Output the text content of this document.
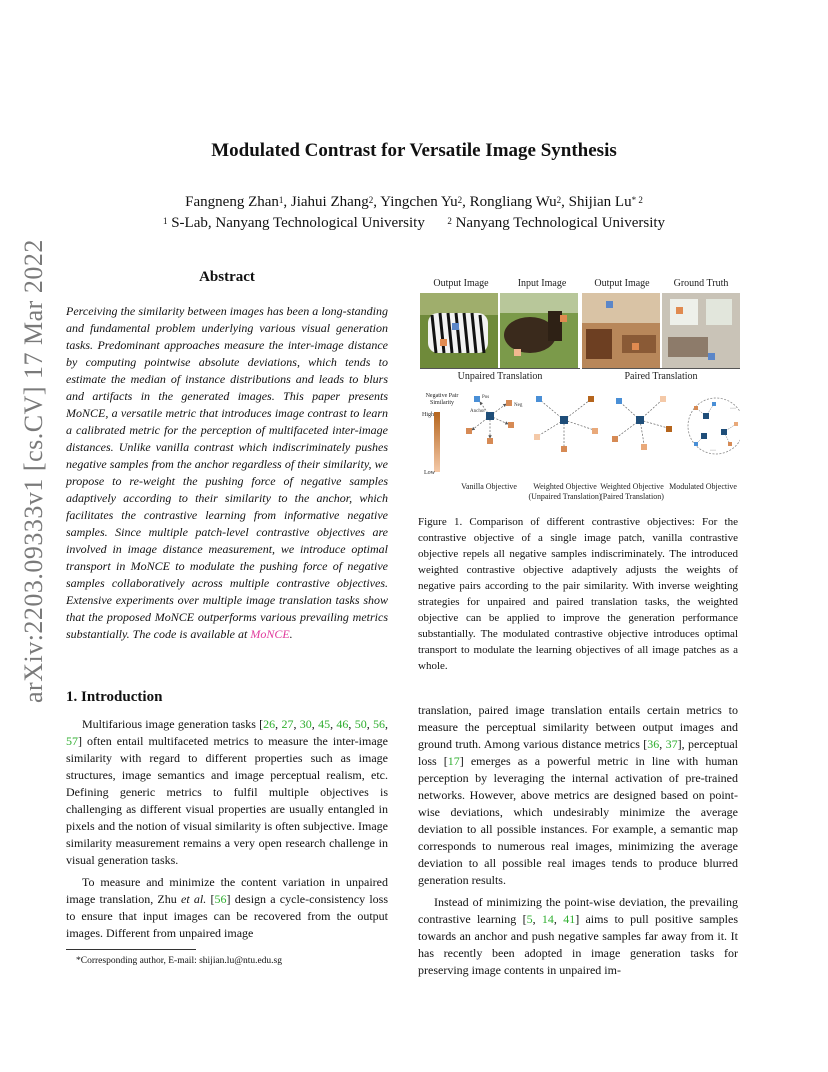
arXiv:2203.09333v1 [cs.CV] 17 Mar 2022
Modulated Contrast for Versatile Image Synthesis
Fangneng Zhan$^1$, Jiahui Zhang$^2$, Yingchen Yu$^2$, Rongliang Wu$^2$, Shijian Lu$^{* 2}$
$^1$ S-Lab, Nanyang Technological University	$^2$ Nanyang Technological University
Abstract
Perceiving the similarity between images has been a long-standing and fundamental problem underlying various visual generation tasks. Predominant approaches measure the inter-image distance by computing pointwise absolute deviations, which tends to estimate the median of instance distributions and leads to blurs and artifacts in the generated images. This paper presents MoNCE, a versatile metric that introduces image contrast to learn a calibrated metric for the perception of multifaceted inter-image distances. Unlike vanilla contrast which indiscriminately pushes negative samples from the anchor regardless of their similarity, we propose to re-weight the pushing force of negative samples adaptively according to their similarity to the anchor, which facilitates the contrastive learning from informative negative samples. Since multiple patch-level contrastive objectives are involved in image distance measurement, we introduce optimal transport in MoNCE to modulate the pushing force of negative samples collaboratively across multiple contrastive objectives. Extensive experiments over multiple image translation tasks show that the proposed MoNCE outperforms various prevailing metrics substantially. The code is available at MoNCE.
Output Image	Input Image	Output Image	Ground Truth
Unpaired Translation	Paired Translation
Negative Pair Similarity
High
Low
Pos
Anchor
Neg
···
···
Vanilla Objective	Weighted Objective (Unpaired Translation)
Weighted Objective (Paired Translation)
Modulated Objective
Figure 1. Comparison of different contrastive objectives: For the contrastive objective of a single image patch, vanilla contrastive objective repels all negative samples indiscriminately. The introduced weighted contrastive objective adaptively adjusts the weights of negative pairs according to the pair similarity. With inverse weighting strategies for unpaired and paired translation tasks, the weighted objective can be applied to improve the generation performance substantially. The modulated contrastive objective introduces optimal transport to modulate the learning objectives of all image patches as a whole.
1. Introduction

Multifarious image generation tasks [26, 27, 30, 45, 46, 50, 56, 57] often entail multifaceted metrics to measure the inter-image similarity with regard to different properties such as image structures, image semantics and image perceptual realism, etc. Defining generic metrics to fulfil multiple objectives is challenging as different visual properties are usually entangled in pixels and the notion of visual similarity is often subjective. Image similarity measurement remains a very open research challenge in visual generation tasks.

To measure and minimize the content variation in unpaired image translation, Zhu et al. [56] design a cycle-consistency loss to ensure that input images can be recovered from the output images. Different from unpaired image

*Corresponding author, E-mail: shijian.lu@ntu.edu.sg

translation, paired image translation entails certain metrics to measure the perceptual similarity between output images and ground truth. Among various distance metrics [36, 37], perceptual loss [17] emerges as a powerful metric in line with human perception by leveraging the internal activation of pre-trained networks. However, above metrics are designed based on point-wise deviations, which undesirably minimize the average deviation to all possible instances. For example, a semantic map corresponds to numerous real images, minimizing the average deviation to all possible real images tends to produce blurred generation results.

Instead of minimizing the point-wise deviation, the prevailing contrastive learning [5, 14, 41] aims to pull positive samples towards an anchor and push negative samples far away from it. It has recently been adopted in image generation tasks for preserving image contents in unpaired im-
